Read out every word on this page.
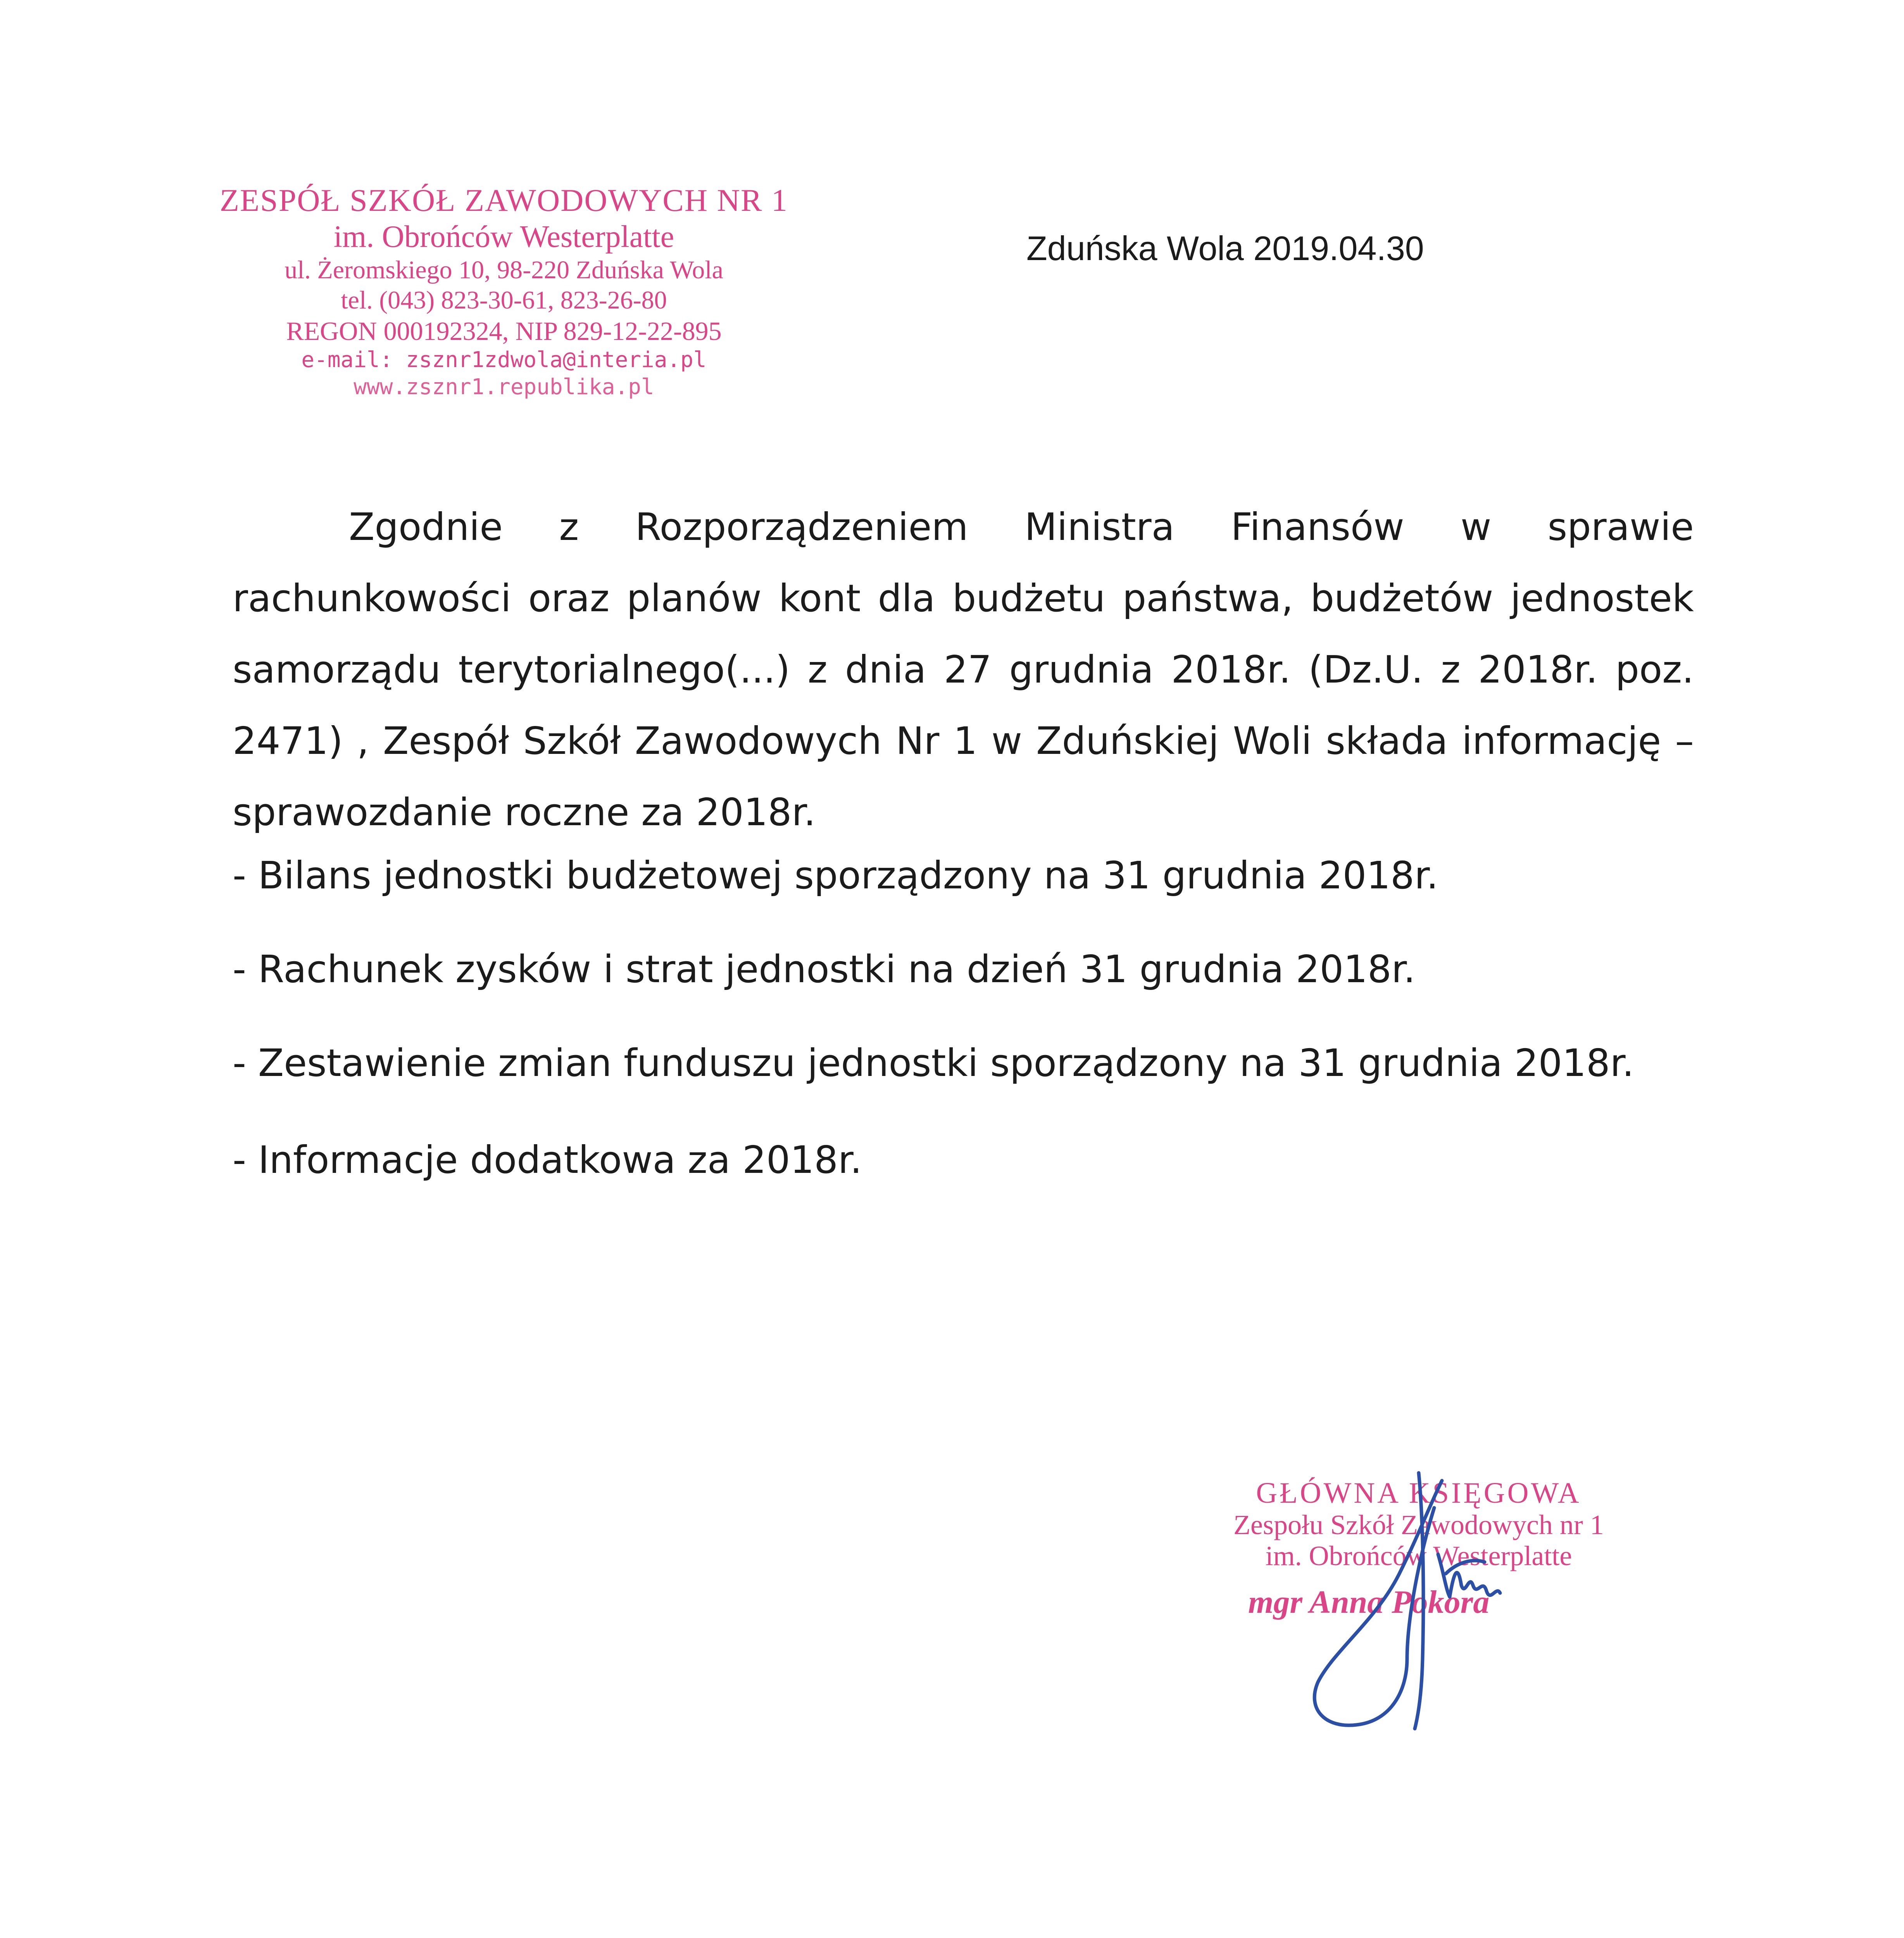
ZESPÓŁ SZKÓŁ ZAWODOWYCH NR 1
im. Obrońców Westerplatte
ul. Żeromskiego 10, 98-220 Zduńska Wola
tel. (043) 823-30-61, 823-26-80
REGON 000192324, NIP 829-12-22-895
e-mail: zsznr1zdwola@interia.pl
www.zsznr1.republika.pl
Zduńska Wola 2019.04.30

Zgodnie z Rozporządzeniem Ministra Finansów w sprawie rachunkowości oraz planów kont dla budżetu państwa, budżetów jednostek samorządu terytorialnego(...) z dnia 27 grudnia 2018r. (Dz.U. z 2018r. poz. 2471) , Zespół Szkół Zawodowych Nr 1 w Zduńskiej Woli składa informację – sprawozdanie roczne za 2018r.

- Bilans jednostki budżetowej sporządzony na 31 grudnia 2018r.

- Rachunek zysków i strat jednostki na dzień 31 grudnia 2018r.

- Zestawienie zmian funduszu jednostki sporządzony na 31 grudnia 2018r.

- Informacje dodatkowa za 2018r.

GŁÓWNA KSIĘGOWA
Zespołu Szkół Zawodowych nr 1
im. Obrońców Westerplatte
mgr Anna Pokora
